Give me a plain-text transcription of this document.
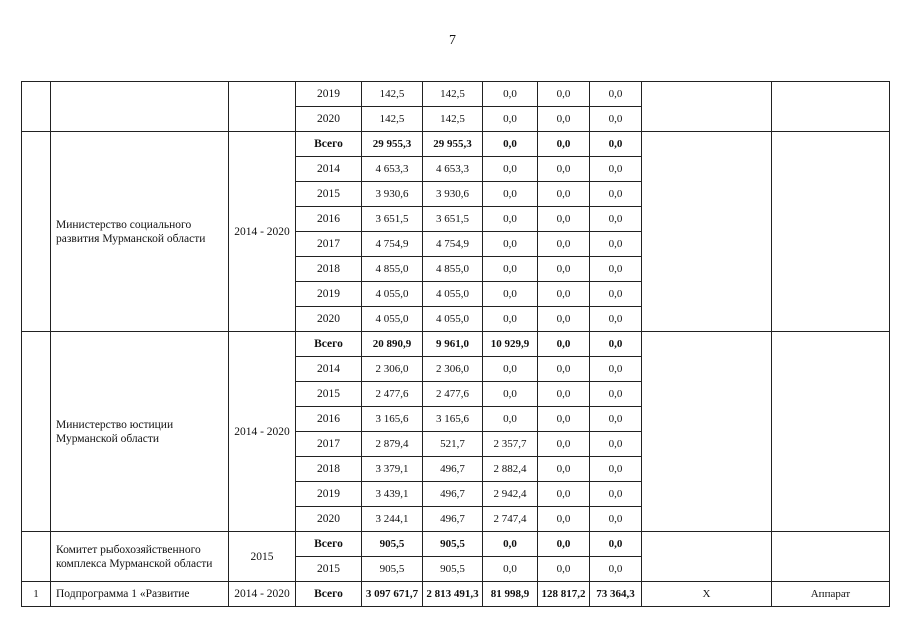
7
			2019	142,5	142,5	0,0	0,0	0,0		
			2020	142,5	142,5	0,0	0,0	0,0		
	Министерство социального развития Мурманской области	2014 - 2020	Всего	29 955,3	29 955,3	0,0	0,0	0,0		
			2014	4 653,3	4 653,3	0,0	0,0	0,0		
			2015	3 930,6	3 930,6	0,0	0,0	0,0		
			2016	3 651,5	3 651,5	0,0	0,0	0,0		
			2017	4 754,9	4 754,9	0,0	0,0	0,0		
			2018	4 855,0	4 855,0	0,0	0,0	0,0		
			2019	4 055,0	4 055,0	0,0	0,0	0,0		
			2020	4 055,0	4 055,0	0,0	0,0	0,0		
	Министерство юстиции Мурманской области	2014 - 2020	Всего	20 890,9	9 961,0	10 929,9	0,0	0,0		
			2014	2 306,0	2 306,0	0,0	0,0	0,0		
			2015	2 477,6	2 477,6	0,0	0,0	0,0		
			2016	3 165,6	3 165,6	0,0	0,0	0,0		
			2017	2 879,4	521,7	2 357,7	0,0	0,0		
			2018	3 379,1	496,7	2 882,4	0,0	0,0		
			2019	3 439,1	496,7	2 942,4	0,0	0,0		
			2020	3 244,1	496,7	2 747,4	0,0	0,0		
	Комитет рыбохозяйственного комплекса Мурманской области	2015	Всего	905,5	905,5	0,0	0,0	0,0		
			2015	905,5	905,5	0,0	0,0	0,0		
1	Подпрограмма 1 «Развитие	2014 - 2020	Всего	3 097 671,7	2 813 491,3	81 998,9	128 817,2	73 364,3	Х	Аппарат
